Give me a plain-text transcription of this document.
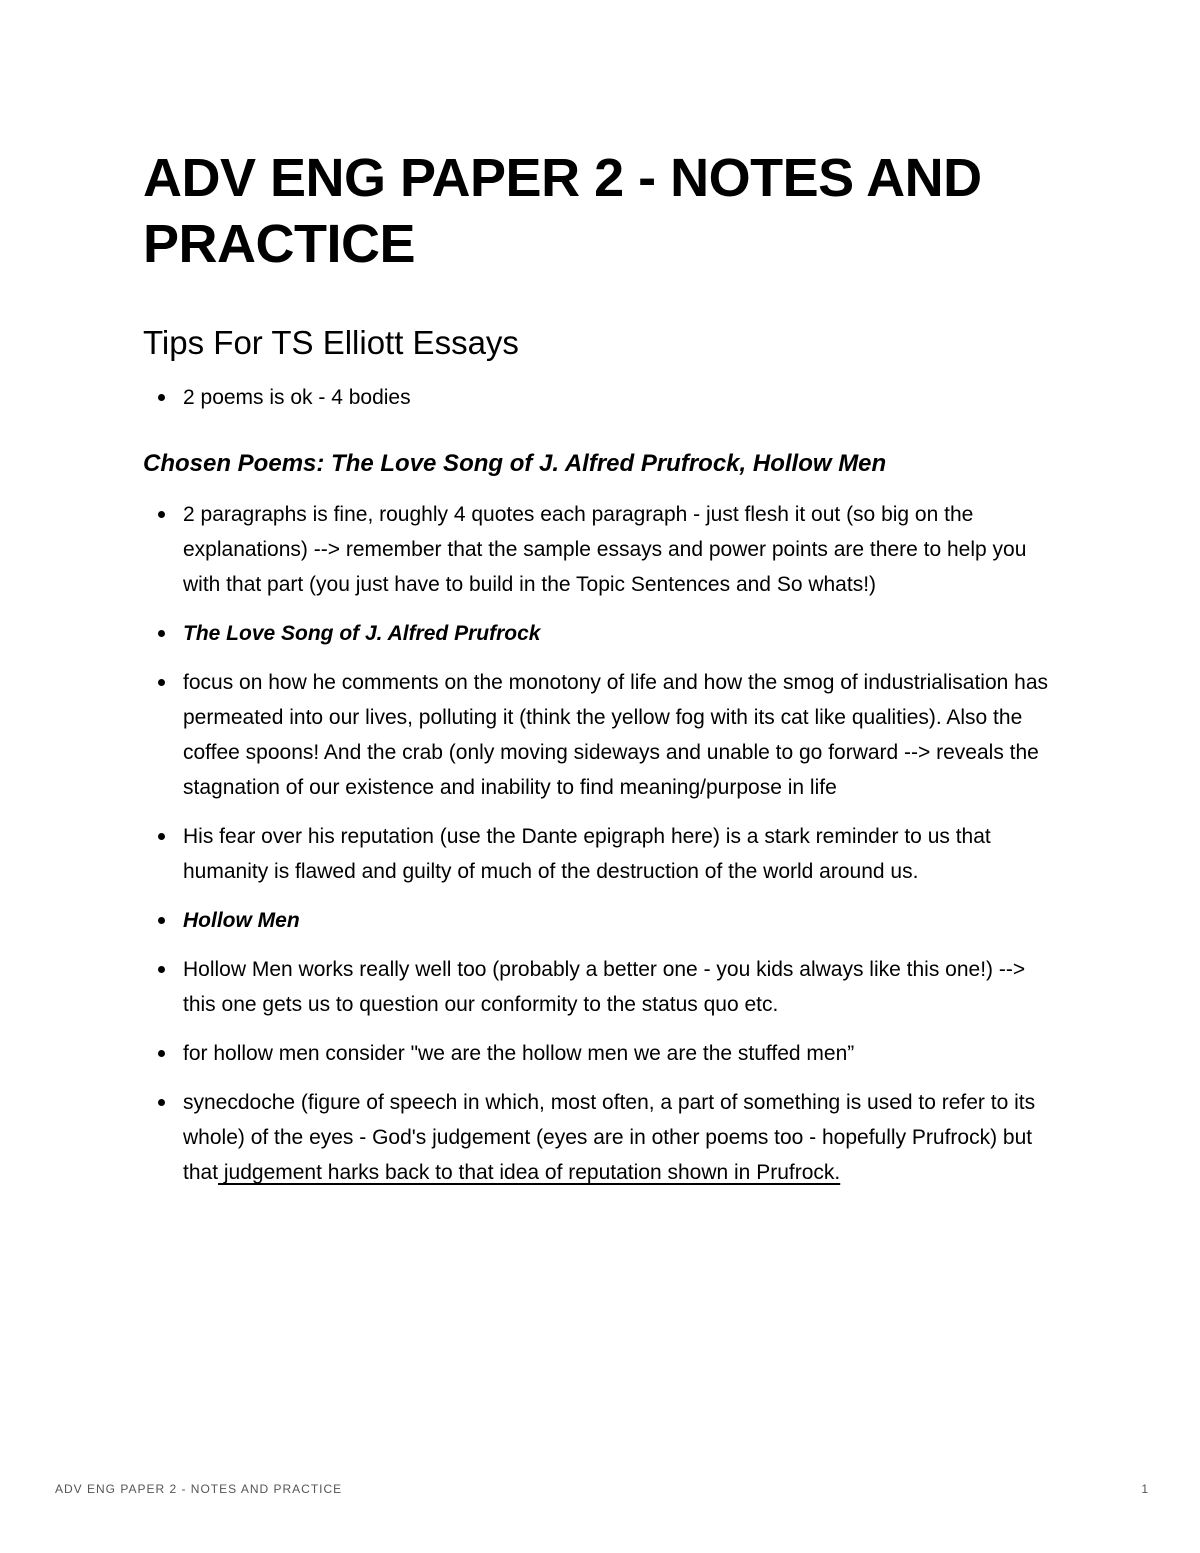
ADV ENG PAPER 2 - NOTES AND PRACTICE
Tips For TS Elliott Essays
2 poems is ok - 4 bodies
Chosen Poems: The Love Song of J. Alfred Prufrock, Hollow Men
2 paragraphs is fine, roughly 4 quotes each paragraph - just flesh it out (so big on the explanations) --> remember that the sample essays and power points are there to help you with that part (you just have to build in the Topic Sentences and So whats!)
The Love Song of J. Alfred Prufrock
focus on how he comments on the monotony of life and how the smog of industrialisation has permeated into our lives, polluting it (think the yellow fog with its cat like qualities). Also the coffee spoons! And the crab (only moving sideways and unable to go forward --> reveals the stagnation of our existence and inability to find meaning/purpose in life
His fear over his reputation (use the Dante epigraph here) is a stark reminder to us that humanity is flawed and guilty of much of the destruction of the world around us.
Hollow Men
Hollow Men works really well too (probably a better one - you kids always like this one!) --> this one gets us to question our conformity to the status quo etc.
for hollow men consider "we are the hollow men we are the stuffed men”
synecdoche (figure of speech in which, most often, a part of something is used to refer to its whole) of the eyes - God's judgement (eyes are in other poems too - hopefully Prufrock) but that judgement harks back to that idea of reputation shown in Prufrock.
ADV ENG PAPER 2 - NOTES AND PRACTICE	1
